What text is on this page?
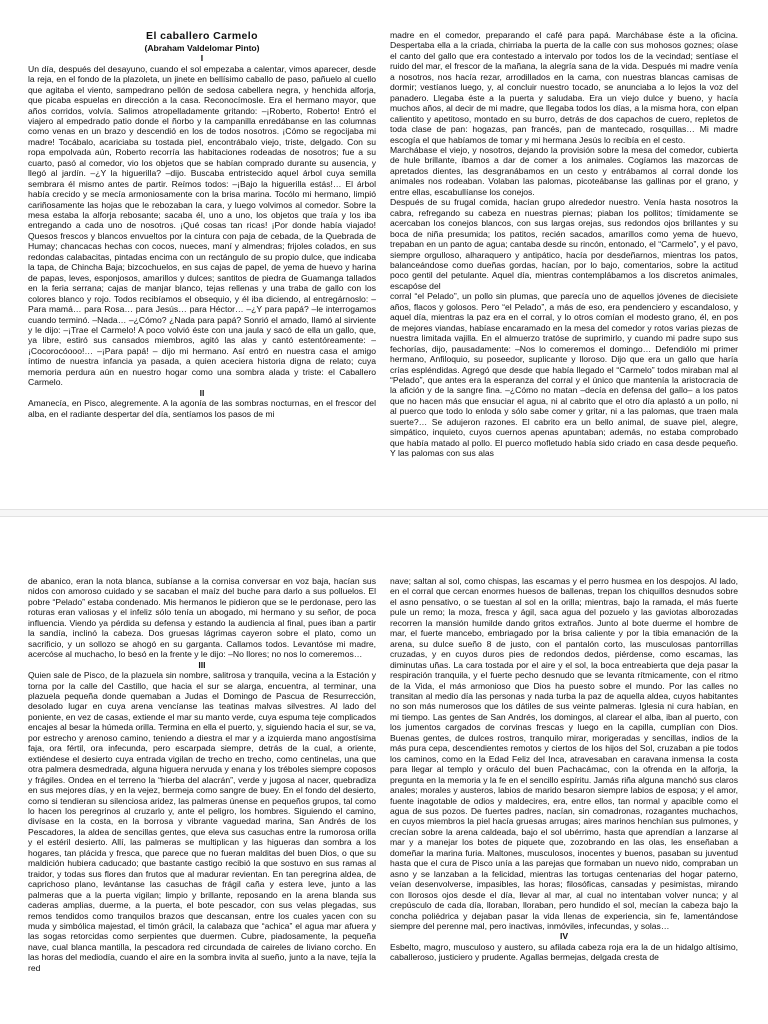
El caballero Carmelo

(Abraham Valdelomar Pinto)

I

Un día, después del desayuno, cuando el sol empezaba a calentar, vimos aparecer, desde la reja, en el fondo de la plazoleta, un jinete en bellísimo caballo de paso, pañuelo al cuello que agitaba el viento, sampedrano pellón de sedosa cabellera negra, y henchida alforja, que picaba espuelas en dirección a la casa. Reconocímosle. Era el hermano mayor, que años corridos, volvía. Salimos atropelladamente gritando: –¡Roberto, Roberto! Entró el viajero al empedrado patio donde el ñorbo y la campanilla enredábanse en las columnas como venas en un brazo y descendió en los de todos nosotros. ¡Cómo se regocijaba mi madre! Tocábalo, acariciaba su tostada piel, encontrábalo viejo, triste, delgado. Con su ropa empolvada aún, Roberto recorría las habitaciones rodeadas de nosotros; fue a su cuarto, pasó al comedor, vio los objetos que se habían comprado durante su ausencia, y llegó al jardín. –¿Y la higuerilla? –dijo. Buscaba entristecido aquel árbol cuya semilla sembrara él mismo antes de partir. Reímos todos: –¡Bajo la higuerilla estás!… El árbol había crecido y se mecía armoniosamente con la brisa marina. Tocólo mi hermano, limpió cariñosamente las hojas que le rebozaban la cara, y luego volvimos al comedor. Sobre la mesa estaba la alforja rebosante; sacaba él, uno a uno, los objetos que traía y los iba entregando a cada uno de nosotros. ¡Qué cosas tan ricas! ¡Por donde había viajado! Quesos frescos y blancos envueltos por la cintura con paja de cebada, de la Quebrada de Humay; chancacas hechas con cocos, nueces, maní y almendras; frijoles colados, en sus redondas calabacitas, pintadas encima con un rectángulo de su propio dulce, que indicaba la tapa, de Chincha Baja; bizcochuelos, en sus cajas de papel, de yema de huevo y harina de papas, leves, esponjosos, amarillos y dulces; santitos de piedra de Guamanga tallados en la feria serrana; cajas de manjar blanco, tejas rellenas y una traba de gallo con los colores blanco y rojo. Todos recibíamos el obsequio, y él iba diciendo, al entregárnoslo: –Para mamá… para Rosa… para Jesús… para Héctor… –¿Y para papá? –le interrogamos cuando terminó. –Nada… –¿Cómo? ¿Nada para papá? Sonrió el amado, llamó al sirviente y le dijo: –¡Trae el Carmelo! A poco volvió éste con una jaula y sacó de ella un gallo, que, ya libre, estiró sus cansados miembros, agitó las alas y cantó estentóreamente: –¡Cocorocóooo!… –¡Para papá! – dijo mi hermano. Así entró en nuestra casa el amigo íntimo de nuestra infancia ya pasada, a quien aceciera historia digna de relato; cuya memoria perdura aún en nuestro hogar como una sombra alada y triste: el Caballero Carmelo.

II

Amanecía, en Pisco, alegremente. A la agonía de las sombras nocturnas, en el frescor del alba, en el radiante despertar del día, sentíamos los pasos de mi

madre en el comedor, preparando el café para papá. Marchábase éste a la oficina. Despertaba ella a la criada, chirriaba la puerta de la calle con sus mohosos goznes; oíase el canto del gallo que era contestado a intervalo por todos los de la vecindad; sentíase el ruido del mar, el frescor de la mañana, la alegría sana de la vida. Después mi madre venía a nosotros, nos hacía rezar, arrodillados en la cama, con nuestras blancas camisas de dormir; vestíanos luego, y, al concluir nuestro tocado, se anunciaba a lo lejos la voz del panadero. Llegaba éste a la puerta y saludaba. Era un viejo dulce y bueno, y hacía muchos años, al decir de mi madre, que llegaba todos los días, a la misma hora, con elpan calientito y apetitoso, montado en su burro, detrás de dos capachos de cuero, repletos de toda clase de pan: hogazas, pan francés, pan de mantecado, rosquillas… Mi madre escogía el que habíamos de tomar y mi hermana Jesús lo recibía en el cesto.

Marchábase el viejo, y nosotros, dejando la provisión sobre la mesa del comedor, cubierta de hule brillante, íbamos a dar de comer a los animales. Cogíamos las mazorcas de apretados dientes, las desgranábamos en un cesto y entrábamos al corral donde los animales nos rodeaban. Volaban las palomas, picoteábanse las gallinas por el grano, y entre ellas, escabullíanse los conejos.

Después de su frugal comida, hacían grupo alrededor nuestro. Venía hasta nosotros la cabra, refregando su cabeza en nuestras piernas; piaban los pollitos; tímidamente se acercaban los conejos blancos, con sus largas orejas, sus redondos ojos brillantes y su boca de niña presumida; los patitos, recién sacados, amarillos como yema de huevo, trepaban en un panto de agua; cantaba desde su rincón, entonado, el “Carmelo”, y el pavo, siempre orgulloso, alharaquero y antipático, hacía por desdeñarnos, mientras los patos, balanceándose como dueñas gordas, hacían, por lo bajo, comentarios, sobre la actitud poco gentil del petulante. Aquel día, mientras contemplábamos a los discretos animales, escapóse del

corral “el Pelado”, un pollo sin plumas, que parecía uno de aquellos jóvenes de diecisiete años, flacos y golosos. Pero “el Pelado”, a más de eso, era pendenciero y escandaloso, y aquel día, mientras la paz era en el corral, y lo otros comían el modesto grano, él, en pos de mejores viandas, habíase encaramado en la mesa del comedor y rotos varias piezas de nuestra limitada vajilla. En el almuerzo tratóse de suprimirlo, y cuando mi padre supo sus fechorías, dijo, pausadamente: –Nos lo comeremos el domingo… Defendiólo mi primer hermano, Anfiloquio, su poseedor, suplicante y lloroso. Dijo que era un gallo que haría crías espléndidas. Agregó que desde que había llegado el “Carmelo” todos miraban mal al “Pelado”, que antes era la esperanza del corral y el único que mantenía la aristocracia de la afición y de la sangre fina. –¿Cómo no matan –decía en defensa del gallo– a los patos que no hacen más que ensuciar el agua, ni al cabrito que el otro día aplastó a un pollo, ni al puerco que todo lo enloda y sólo sabe comer y gritar, ni a las palomas, que traen mala suerte?… Se adujeron razones. El cabrito era un bello animal, de suave piel, alegre, simpático, inquieto, cuyos cuernos apenas apuntaban; además, no estaba comprobado que había matado al pollo. El puerco mofletudo había sido criado en casa desde pequeño. Y las palomas con sus alas

de abanico, eran la nota blanca, subíanse a la cornisa conversar en voz baja, hacían sus nidos con amoroso cuidado y se sacaban el maíz del buche para darlo a sus polluelos. El pobre “Pelado” estaba condenado. Mis hermanos le pidieron que se le perdonase, pero las roturas eran valiosas y el infeliz sólo tenía un abogado, mi hermano y su señor, de poca influencia. Viendo ya pérdida su defensa y estando la audiencia al final, pues iban a partir la sandía, inclinó la cabeza. Dos gruesas lágrimas cayeron sobre el plato, como un sacrificio, y un sollozo se ahogó en su garganta. Callamos todos. Levantóse mi madre, acercóse al muchacho, lo besó en la frente y le dijo: –No llores; no nos lo comeremos…

III

Quien sale de Pisco, de la plazuela sin nombre, salitrosa y tranquila, vecina a la Estación y torna por la calle del Castillo, que hacia el sur se alarga, encuentra, al terminar, una plazuela pequeña donde quemaban a Judas el Domingo de Pascua de Resurrección, desolado lugar en cuya arena vencíanse las teatinas malvas silvestres. Al lado del poniente, en vez de casas, extiende el mar su manto verde, cuya espuma teje complicados encajes al besar la húmeda orilla. Termina en ella el puerto, y, siguiendo hacia el sur, se va, por estrecho y arenoso camino, teniendo a diestra el mar y a izquierda mano angostísima faja, ora fértil, ora infecunda, pero escarpada siempre, detrás de la cual, a oriente, extiéndese el desierto cuya entrada vigilan de trecho en trecho, como centinelas, una que otra palmera desmedrada, alguna higuera nervuda y enana y los tréboles siempre coposos y frágiles. Ondea en el terreno la “hierba del alacrán”, verde y jugosa al nacer, quebradiza en sus mejores días, y en la vejez, bermeja como sangre de buey. En el fondo del desierto, como si tendieran su silenciosa aridez, las palmeras únense en pequeños grupos, tal como lo hacen los peregrinos al cruzarlo y, ante el peligro, los hombres. Siguiendo el camino, divísase en la costa, en la borrosa y vibrante vaguedad marina, San Andrés de los Pescadores, la aldea de sencillas gentes, que eleva sus casuchas entre la rumorosa orilla y el estéril desierto. Allí, las palmeras se multiplican y las higueras dan sombra a los hogares, tan plácida y fresca, que parece que no fueran malditas del buen Dios, o que su maldición hubiera caducado; que bastante castigo recibió la que sostuvo en sus ramas al traidor, y todas sus flores dan frutos que al madurar revientan. En tan peregrina aldea, de caprichoso plano, levántanse las casuchas de frágil caña y estera leve, junto a las palmeras que a la puerta vigilan; limpio y brillante, reposando en la arena blanda sus caderas amplias, duerme, a la puerta, el bote pescador, con sus velas plegadas, sus remos tendidos como tranquilos brazos que descansan, entre los cuales yacen con su muda y simbólica majestad, el timón grácil, la calabaza que “achica” el agua mar afuera y las sogas retorcidas como serpientes que duermen. Cubre, piadosamente, la pequeña nave, cual blanca mantilla, la pescadora red circundada de caireles de liviano corcho. En las horas del mediodía, cuando el aire en la sombra invita al sueño, junto a la nave, tejía la red

nave; saltan al sol, como chispas, las escamas y el perro husmea en los despojos. Al lado, en el corral que cercan enormes huesos de ballenas, trepan los chiquillos desnudos sobre el asno pensativo, o se tuestan al sol en la orilla; mientras, bajo la ramada, el más fuerte pule un remo; la moza, fresca y ágil, saca agua del pozuelo y las gaviotas alborozadas recorren la mansión humilde dando gritos extraños. Junto al bote duerme el hombre de mar, el fuerte mancebo, embriagado por la brisa caliente y por la tibia emanación de la arena, su dulce sueño 8 de justo, con el pantalón corto, las musculosas pantorrillas cruzadas, y en cuyos duros pies de redondos dedos, piérdense, como escamas, las diminutas uñas. La cara tostada por el aire y el sol, la boca entreabierta que deja pasar la respiración tranquila, y el fuerte pecho desnudo que se levanta rítmicamente, con el ritmo de la Vida, el más armonioso que Dios ha puesto sobre el mundo. Por las calles no transitan al medio día las personas y nada turba la paz de aquella aldea, cuyos habitantes no son más numerosos que los dátiles de sus veinte palmeras. Iglesia ni cura habían, en mi tiempo. Las gentes de San Andrés, los domingos, al clarear el alba, iban al puerto, con los jumentos cargados de corvinas frescas y luego en la capilla, cumplían con Dios. Buenas gentes, de dulces rostros, tranquilo mirar, morigeradas y sencillas, indios de la más pura cepa, descendientes remotos y ciertos de los hijos del Sol, cruzaban a pie todos los caminos, como en la Edad Feliz del Inca, atravesaban en caravana inmensa la costa para llegar al templo y oráculo del buen Pachacámac, con la ofrenda en la alforja, la pregunta en la memoria y la fe en el sencillo espíritu. Jamás riña alguna manchó sus claros anales; morales y austeros, labios de marido besaron siempre labios de esposa; y el amor, fuente inagotable de odios y maldecires, era, entre ellos, tan normal y apacible como el agua de sus pozos. De fuertes padres, nacían, sin comadronas, rozagantes muchachos, en cuyos miembros la piel hacía gruesas arrugas; aires marinos henchían sus pulmones, y crecían sobre la arena caldeada, bajo el sol ubérrimo, hasta que aprendían a lanzarse al mar y a manejar los botes de piquete que, zozobrando en las olas, les enseñaban a domeñar la marina furia. Maltones, musculosos, inocentes y buenos, pasaban su juventud hasta que el cura de Pisco unía a las parejas que formaban un nuevo nido, compraban un asno y se lanzaban a la felicidad, mientras las tortugas centenarias del hogar paterno, veían desenvolverse, impasibles, las horas; filosóficas, cansadas y pesimistas, mirando con llorosos ojos desde el día, llevar al mar, al cual no intentaban volver nunca; y al crepúsculo de cada día, lloraban, lloraban, pero hundido el sol, mecían la cabeza bajo la concha poliédrica y dejaban pasar la vida llenas de experiencia, sin fe, lamentándose siempre del perenne mal, pero inactivas, inmóviles, infecundas, y solas…

IV

Esbelto, magro, musculoso y austero, su afilada cabeza roja era la de un hidalgo altísimo, caballeroso, justiciero y prudente. Agallas bermejas, delgada cresta de
